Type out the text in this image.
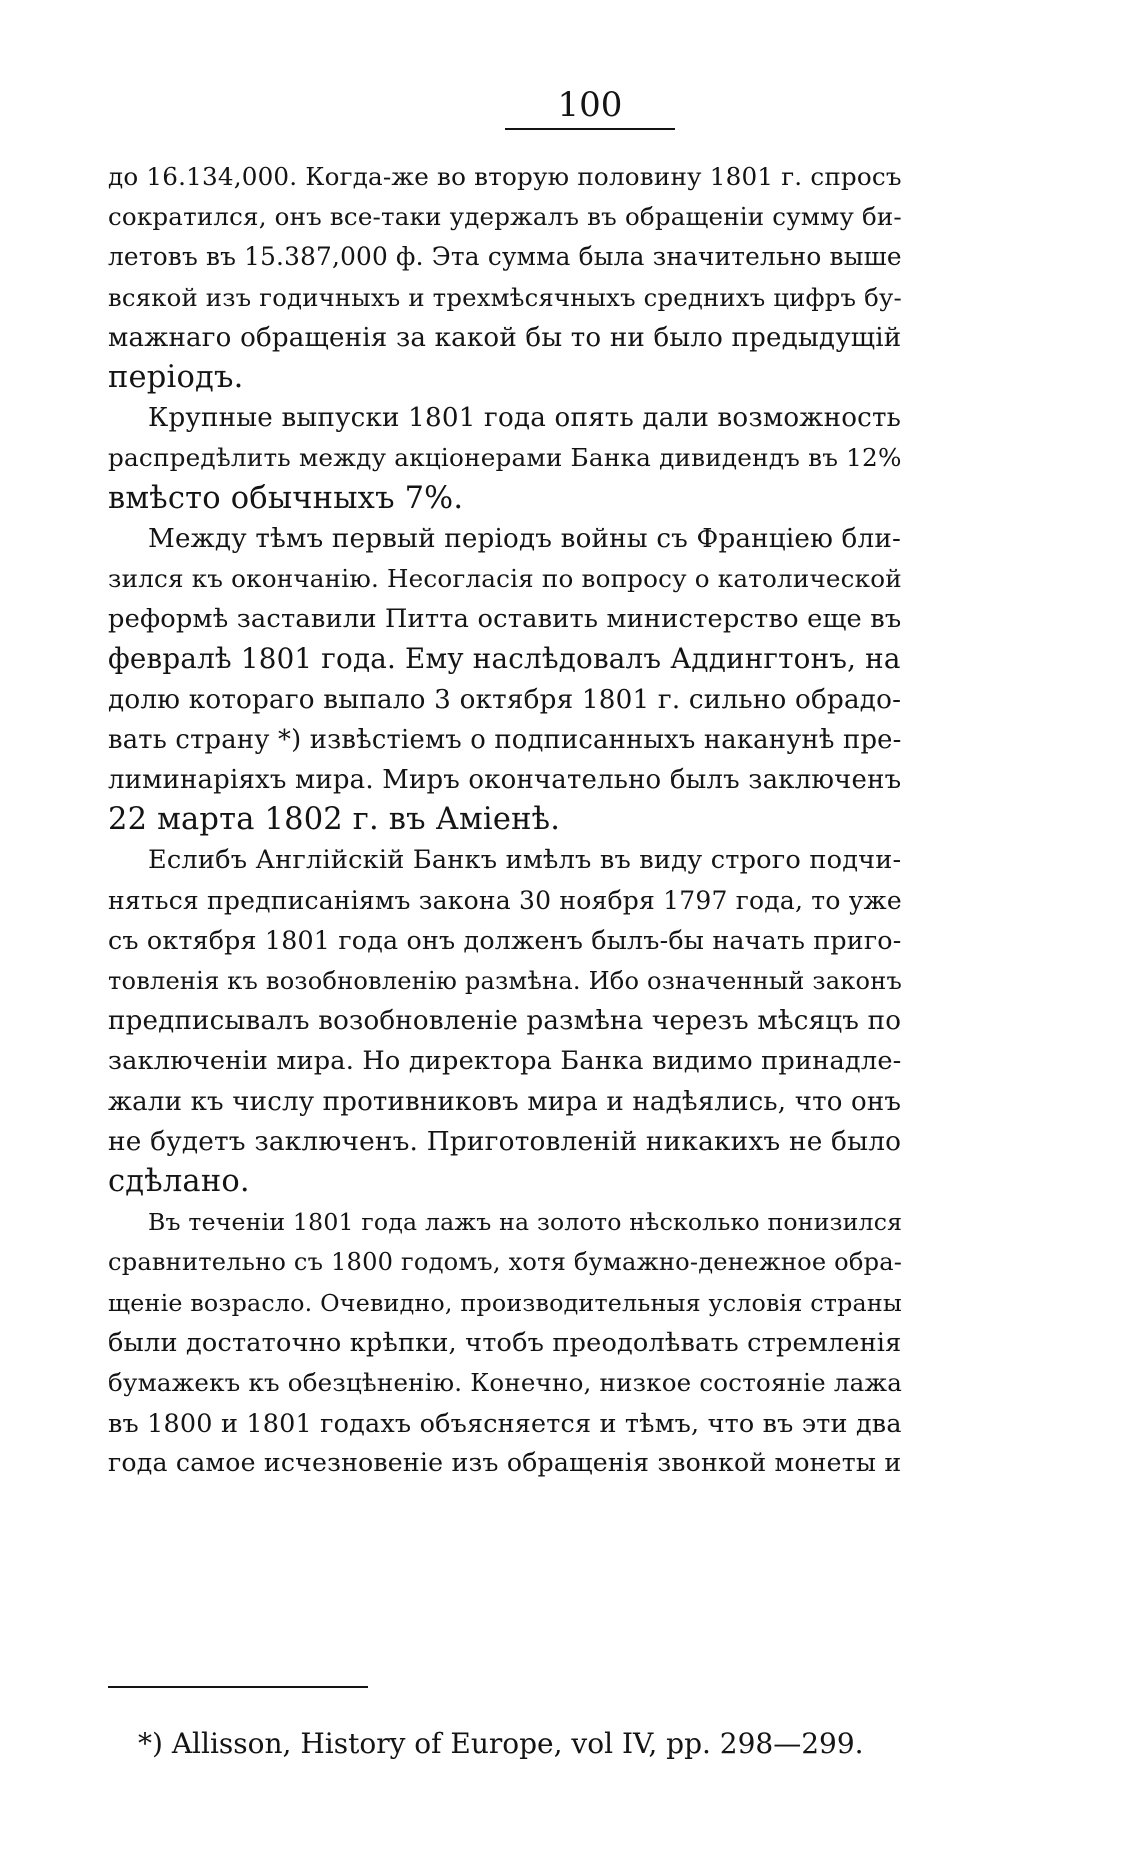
100
до 16.134,000. Когда-же во вторую половину 1801 г. спросъ
сократился, онъ все-таки удержалъ въ обращеніи сумму би-
летовъ въ 15.387,000 ф. Эта сумма была значительно выше
всякой изъ годичныхъ и трехмѣсячныхъ среднихъ цифръ бу-
мажнаго обращенія за какой бы то ни было предыдущій
періодъ.
Крупные выпуски 1801 года опять дали возможность
распредѣлить между акціонерами Банка дивидендъ въ 12%
вмѣсто обычныхъ 7%.
Между тѣмъ первый періодъ войны съ Франціею бли-
зился къ окончанію. Несогласія по вопросу о католической
реформѣ заставили Питта оставить министерство еще въ
февралѣ 1801 года. Ему наслѣдовалъ Аддингтонъ, на
долю котораго выпало 3 октября 1801 г. сильно обрадо-
вать страну *) извѣстіемъ о подписанныхъ наканунѣ пре-
лиминаріяхъ мира. Миръ окончательно былъ заключенъ
22 марта 1802 г. въ Аміенѣ.
Еслибъ Англійскій Банкъ имѣлъ въ виду строго подчи-
няться предписаніямъ закона 30 ноября 1797 года, то уже
съ октября 1801 года онъ долженъ былъ-бы начать приго-
товленія къ возобновленію размѣна. Ибо означенный законъ
предписывалъ возобновленіе размѣна черезъ мѣсяцъ по
заключеніи мира. Но директора Банка видимо принадле-
жали къ числу противниковъ мира и надѣялись, что онъ
не будетъ заключенъ. Приготовленій никакихъ не было
сдѣлано.
Въ теченіи 1801 года лажъ на золото нѣсколько понизился
сравнительно съ 1800 годомъ, хотя бумажно-денежное обра-
щеніе возрасло. Очевидно, производительныя условія страны
были достаточно крѣпки, чтобъ преодолѣвать стремленія
бумажекъ къ обезцѣненію. Конечно, низкое состояніе лажа
въ 1800 и 1801 годахъ объясняется и тѣмъ, что въ эти два
года самое исчезновеніе изъ обращенія звонкой монеты и
*) Allisson, History of Europe, vol IV, pp. 298—299.
